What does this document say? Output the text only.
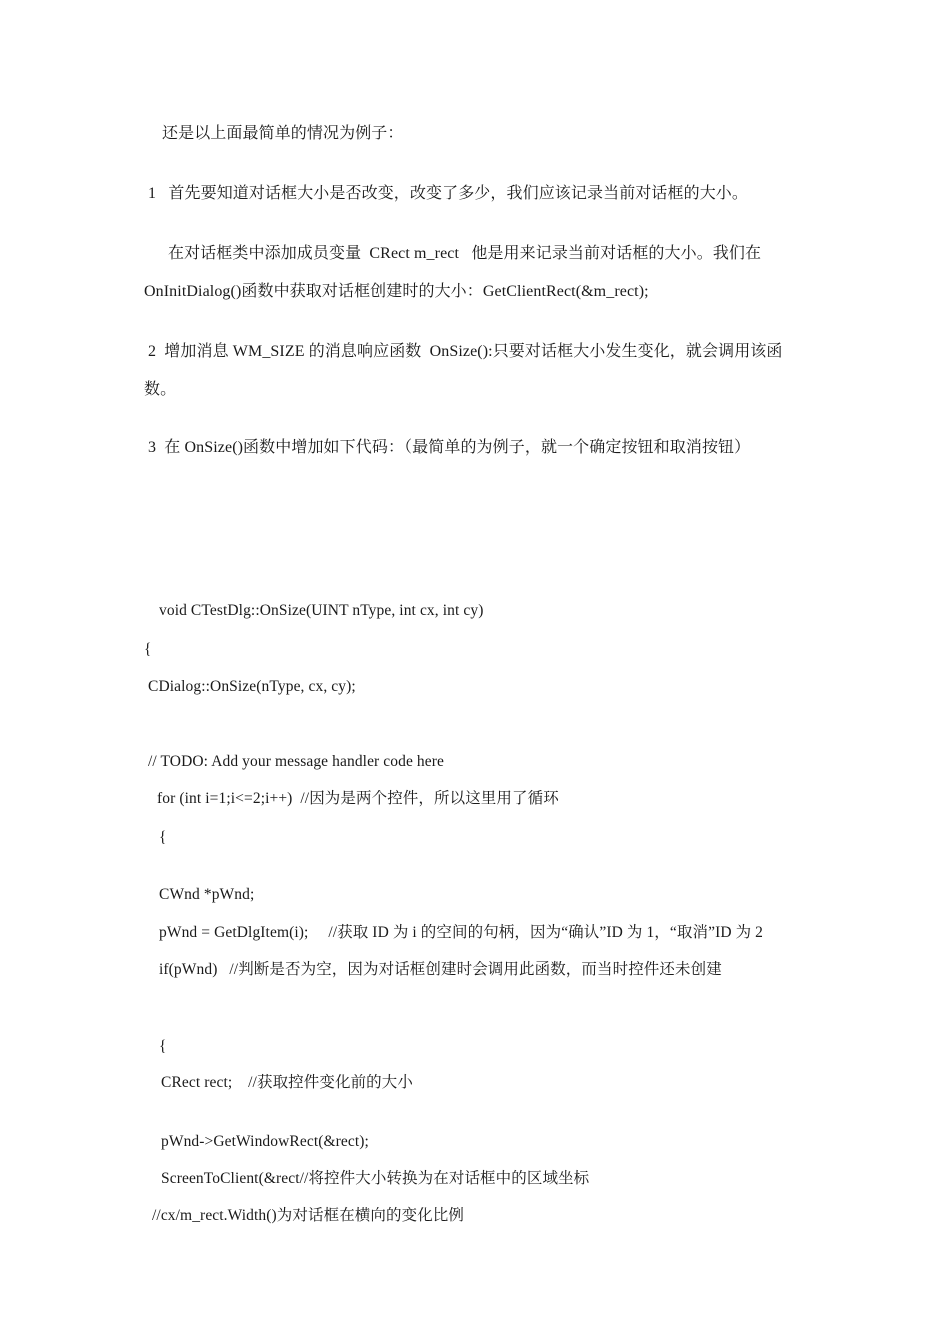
还是以上面最简单的情况为例子：
1   首先要知道对话框大小是否改变，改变了多少，我们应该记录当前对话框的大小。
在对话框类中添加成员变量  CRect m_rect   他是用来记录当前对话框的大小。我们在
OnInitDialog()函数中获取对话框创建时的大小：GetClientRect(&m_rect);
2  增加消息 WM_SIZE 的消息响应函数  OnSize():只要对话框大小发生变化，就会调用该函
数。
3  在 OnSize()函数中增加如下代码：（最简单的为例子，就一个确定按钮和取消按钮）
void CTestDlg::OnSize(UINT nType, int cx, int cy)
{
CDialog::OnSize(nType, cx, cy);
// TODO: Add your message handler code here
for (int i=1;i<=2;i++)  //因为是两个控件，所以这里用了循环
{
CWnd *pWnd;
pWnd = GetDlgItem(i);     //获取 ID 为 i 的空间的句柄，因为“确认”ID 为 1，“取消”ID 为 2
if(pWnd)   //判断是否为空，因为对话框创建时会调用此函数，而当时控件还未创建
{
CRect rect;    //获取控件变化前的大小
pWnd->GetWindowRect(&rect);
ScreenToClient(&rect//将控件大小转换为在对话框中的区域坐标
//cx/m_rect.Width()为对话框在横向的变化比例
